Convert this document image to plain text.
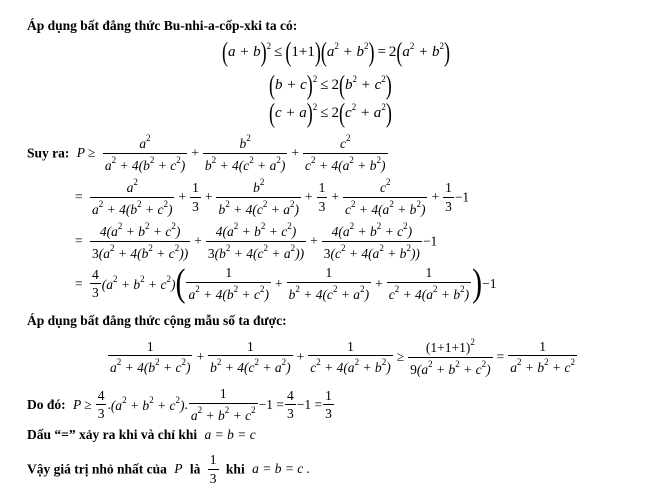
Áp dụng bất đẳng thức Bu-nhi-a-cốp-xki ta có:
$(a + b)^2 \le (1+1)(a^2 + b^2) = 2(a^2 + b^2)$
$(b + c)^2 \le 2(b^2 + c^2)$
$(c + a)^2 \le 2(c^2 + a^2)$
Suy ra: $P \ge \frac{a^2}{a^2 + 4(b^2 + c^2)} + \frac{b^2}{b^2 + 4(c^2 + a^2)} + \frac{c^2}{c^2 + 4(a^2 + b^2)}$
= $\frac{a^2}{a^2 + 4(b^2 + c^2)} + \frac{1}{3} + \frac{b^2}{b^2 + 4(c^2 + a^2)} + \frac{1}{3} + \frac{c^2}{c^2 + 4(a^2 + b^2)} + \frac{1}{3} -1$
= $\frac{4(a^2 + b^2 + c^2)}{3(a^2 + 4(b^2 + c^2))} + \frac{4(a^2 + b^2 + c^2)}{3(b^2 + 4(c^2 + a^2))} + \frac{4(a^2 + b^2 + c^2)}{3(c^2 + 4(a^2 + b^2))} -1$
= $\frac{4}{3} (a^2 + b^2 + c^2)( \frac{1}{a^2 + 4(b^2 + c^2)} + \frac{1}{b^2 + 4(c^2 + a^2)} + \frac{1}{c^2 + 4(a^2 + b^2)} )-1$
Áp dụng bất đẳng thức cộng mẫu số ta được:
$\frac{1}{a^2 + 4(b^2 + c^2)} + \frac{1}{b^2 + 4(c^2 + a^2)} + \frac{1}{c^2 + 4(a^2 + b^2)} \ge \frac{(1+1+1)^2}{9(a^2 + b^2 + c^2)} = \frac{1}{a^2 + b^2 + c^2}$
Do đó: $P \ge \frac{4}{3} .(a^2 + b^2 + c^2)$. $\frac{1}{a^2 + b^2 + c^2} -1 = \frac{4}{3} -1 = \frac{1}{3}$
Dấu “=” xảy ra khi và chỉ khi a = b = c
Vậy giá trị nhỏ nhất của P là $\frac{1}{3}$ khi a = b = c .
